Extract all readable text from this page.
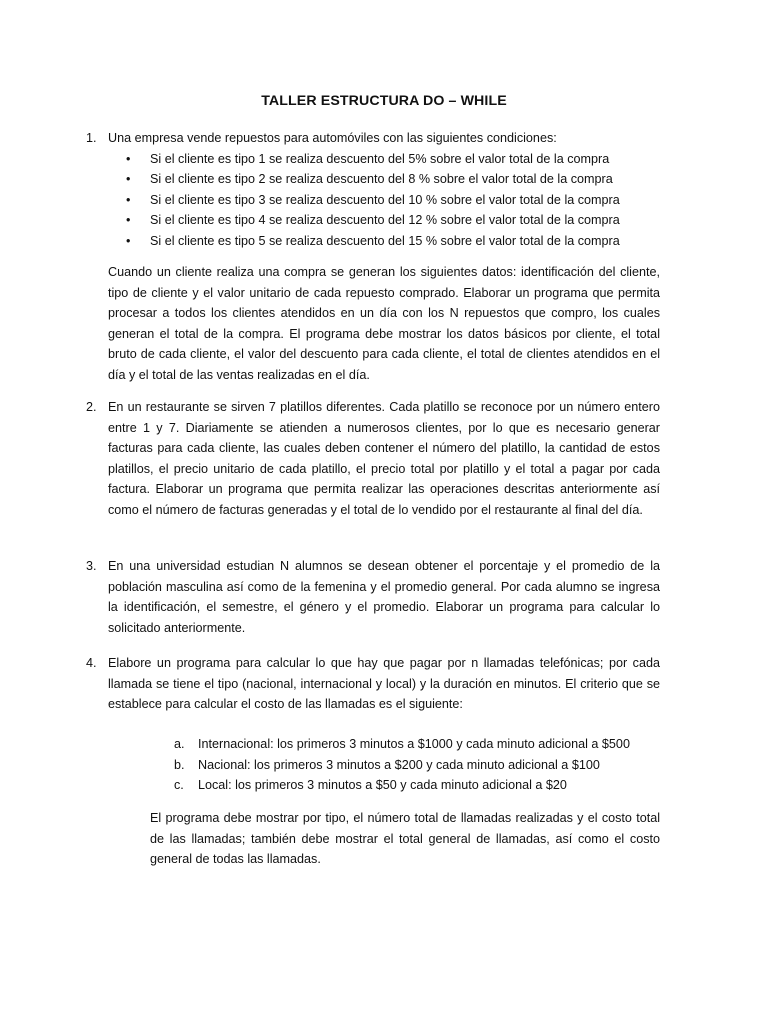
TALLER ESTRUCTURA DO – WHILE
1. Una empresa vende repuestos para automóviles con las siguientes condiciones:
• Si el cliente es tipo 1 se realiza descuento del 5% sobre el valor total de la compra
• Si el cliente es tipo 2 se realiza descuento del 8 % sobre el valor total de la compra
• Si el cliente es tipo 3 se realiza descuento del 10 % sobre el valor total de la compra
• Si el cliente es tipo 4 se realiza descuento del 12 % sobre el valor total de la compra
• Si el cliente es tipo 5 se realiza descuento del 15 % sobre el valor total de la compra
Cuando un cliente realiza una compra se generan los siguientes datos: identificación del cliente, tipo de cliente y el valor unitario de cada repuesto comprado. Elaborar un programa que permita procesar a todos los clientes atendidos en un día con los N repuestos que compro, los cuales generan el total de la compra. El programa debe mostrar los datos básicos por cliente, el total bruto de cada cliente, el valor del descuento para cada cliente, el total de clientes atendidos en el día y el total de las ventas realizadas en el día.
2. En un restaurante se sirven 7 platillos diferentes. Cada platillo se reconoce por un número entero entre 1 y 7. Diariamente se atienden a numerosos clientes, por lo que es necesario generar facturas para cada cliente, las cuales deben contener el número del platillo, la cantidad de estos platillos, el precio unitario de cada platillo, el precio total por platillo y el total a pagar por cada factura. Elaborar un programa que permita realizar las operaciones descritas anteriormente así como el número de facturas generadas y el total de lo vendido por el restaurante al final del día.
3. En una universidad estudian N alumnos se desean obtener el porcentaje y el promedio de la población masculina así como de la femenina y el promedio general. Por cada alumno se ingresa la identificación, el semestre, el género y el promedio. Elaborar un programa para calcular lo solicitado anteriormente.
4. Elabore un programa para calcular lo que hay que pagar por n llamadas telefónicas; por cada llamada se tiene el tipo (nacional, internacional y local) y la duración en minutos. El criterio que se establece para calcular el costo de las llamadas es el siguiente:
a. Internacional: los primeros 3 minutos a $1000 y cada minuto adicional a $500
b. Nacional: los primeros 3 minutos a $200 y cada minuto adicional a $100
c. Local: los primeros 3 minutos a $50 y cada minuto adicional a $20
El programa debe mostrar por tipo, el número total de llamadas realizadas y el costo total de las llamadas; también debe mostrar el total general de llamadas, así como el costo general de todas las llamadas.
